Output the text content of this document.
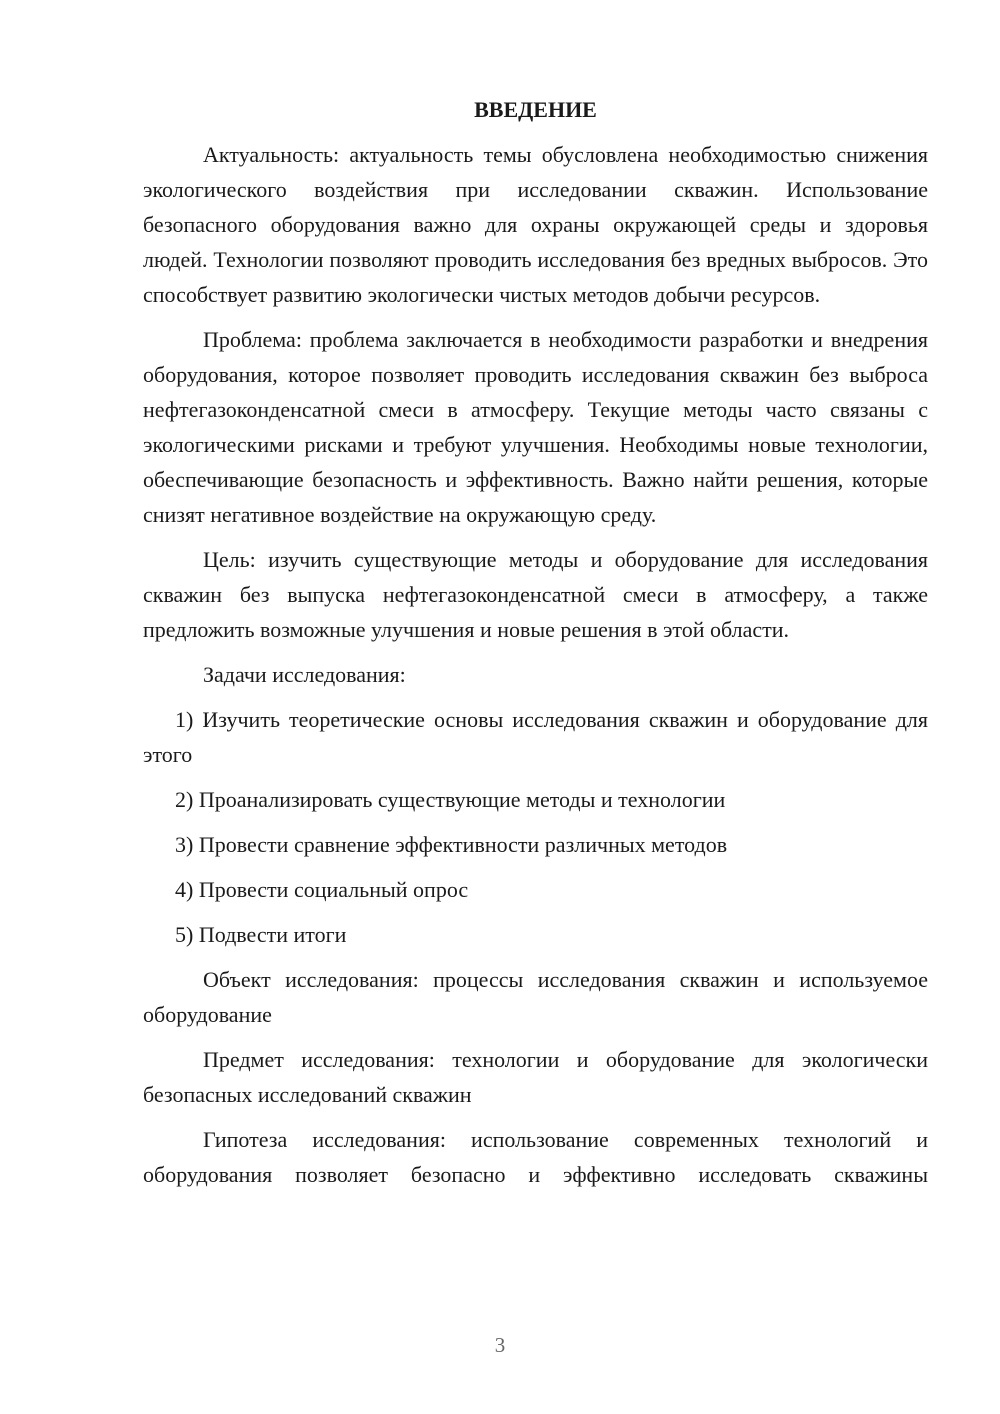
ВВЕДЕНИЕ

Актуальность: актуальность темы обусловлена необходимостью снижения экологического воздействия при исследовании скважин. Использование безопасного оборудования важно для охраны окружающей среды и здоровья людей. Технологии позволяют проводить исследования без вредных выбросов. Это способствует развитию экологически чистых методов добычи ресурсов.

Проблема: проблема заключается в необходимости разработки и внедрения оборудования, которое позволяет проводить исследования скважин без выброса нефтегазоконденсатной смеси в атмосферу. Текущие методы часто связаны с экологическими рисками и требуют улучшения. Необходимы новые технологии, обеспечивающие безопасность и эффективность. Важно найти решения, которые снизят негативное воздействие на окружающую среду.

Цель: изучить существующие методы и оборудование для исследования скважин без выпуска нефтегазоконденсатной смеси в атмосферу, а также предложить возможные улучшения и новые решения в этой области.

Задачи исследования:

1) Изучить теоретические основы исследования скважин и оборудование для этого
2) Проанализировать существующие методы и технологии
3) Провести сравнение эффективности различных методов
4) Провести социальный опрос
5) Подвести итоги

Объект исследования: процессы исследования скважин и используемое оборудование

Предмет исследования: технологии и оборудование для экологически безопасных исследований скважин

Гипотеза исследования: использование современных технологий и оборудования позволяет безопасно и эффективно исследовать скважины

3
